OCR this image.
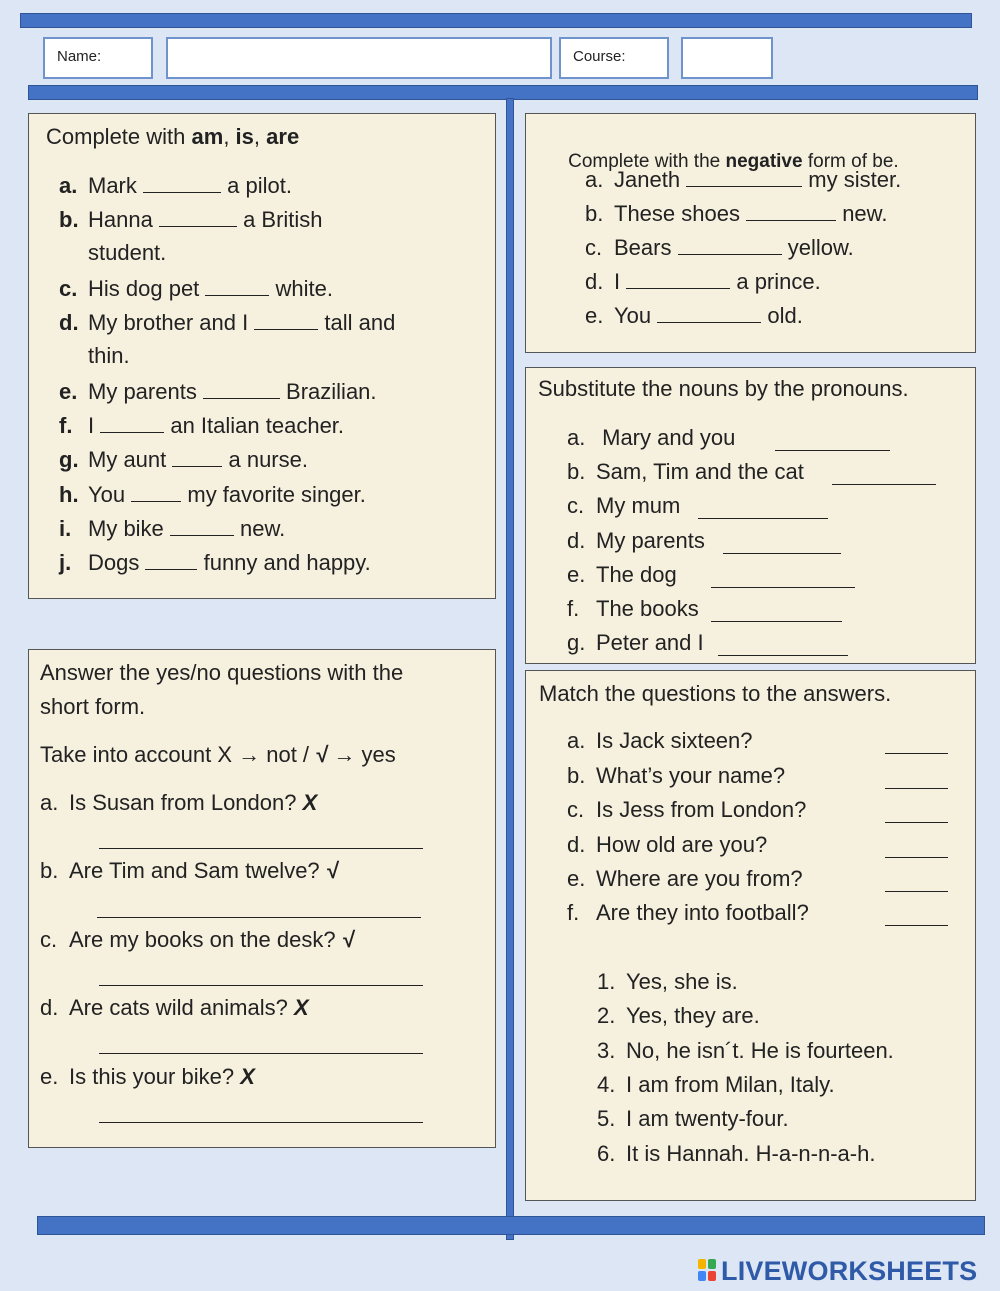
Name:	Course:
Complete with am, is, are
a. Mark	a pilot.
b. Hanna	a British
student.
c. His dog pet	white.
d. My brother and I	tall and
thin.
e. My parents	Brazilian.
f. I	an Italian teacher.
g. My aunt  a nurse.
h. You  my favorite singer.
i. My bike	new.
j. Dogs  funny and happy.

Complete with the negative form of be.

a. Janeth	my sister.
b. These shoes	new.
c. Bears	yellow.
d. I	a prince.
e. You	old.
Substitute the nouns by the pronouns.
a. Mary and you
b. Sam, Tim and the cat
c. My mum
d. My parents
e. The dog
f. The books
g. Peter and I
Answer the yes/no questions with the
short form.
Take into account X → not / √ → yes
a. Is Susan from London? X
b. Are Tim and Sam twelve? √
c. Are my books on the desk? √
d. Are cats wild animals? X
e. Is this your bike? X
Match the questions to the answers.
a. Is Jack sixteen?
b. What’s your name?
c. Is Jess from London?
d. How old are you?
e. Where are you from?
f. Are they into football?
1. Yes, she is.
2. Yes, they are.
3. No, he isn´t. He is fourteen.
4. I am from Milan, Italy.
5. I am twenty-four.
6. It is Hannah. H-a-n-n-a-h.
LIVEWORKSHEETS
